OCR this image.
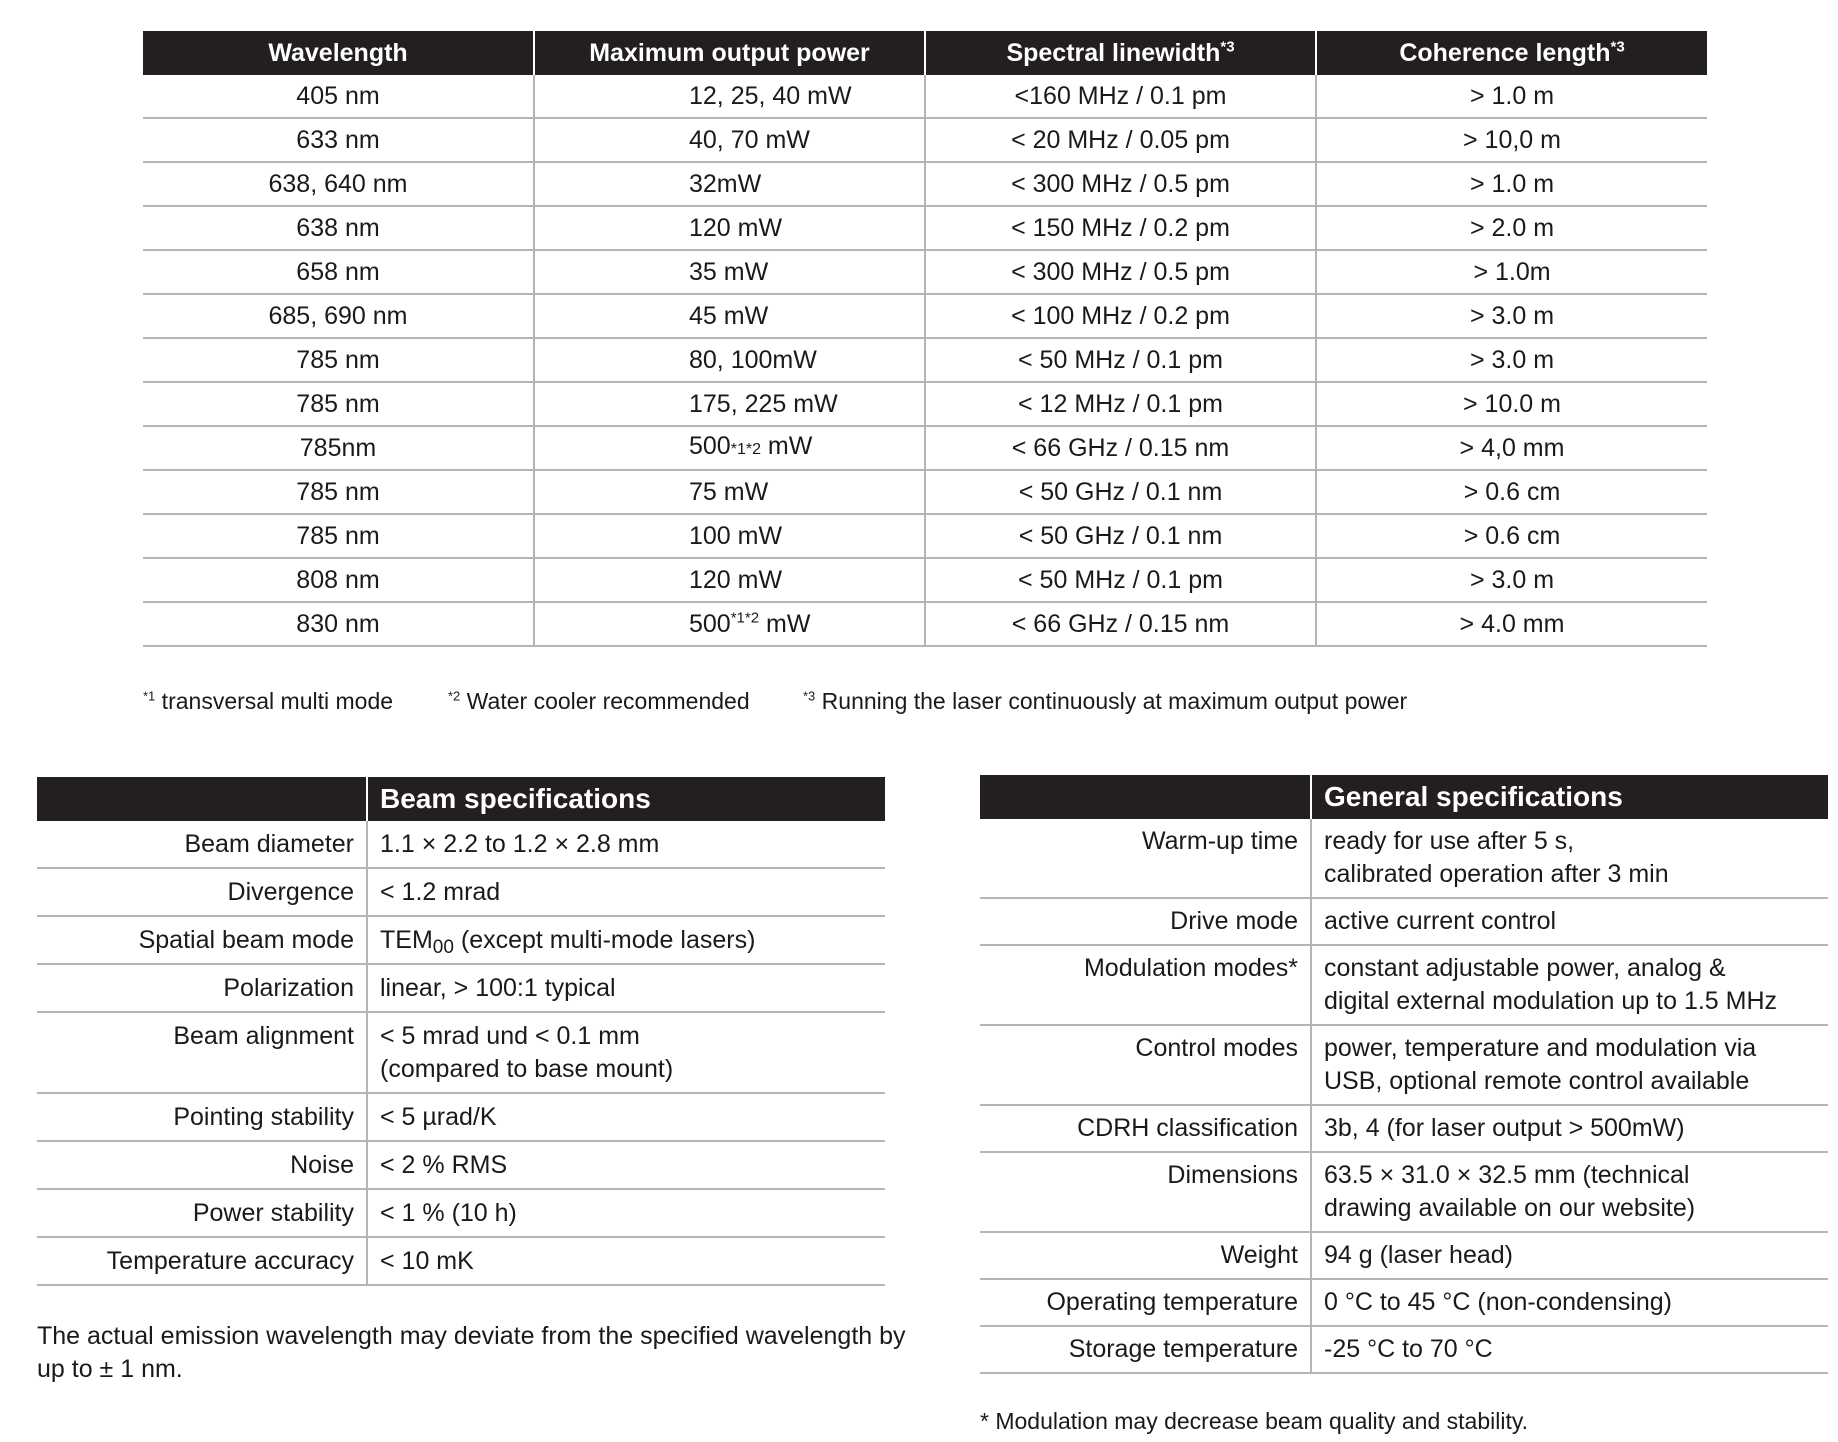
Wavelength	Maximum output power	Spectral linewidth$^{*3}$	Coherence length$^{*3}$
405 nm	12, 25, 40 mW	<160 MHz / 0.1 pm	> 1.0 m
633 nm	40, 70 mW	< 20 MHz / 0.05 pm	> 10,0 m
638, 640 nm	32mW	< 300 MHz / 0.5 pm	> 1.0 m
638 nm	120 mW	< 150 MHz / 0.2 pm	> 2.0 m
658 nm	35 mW	< 300 MHz / 0.5 pm	> 1.0m
685, 690 nm	45 mW	< 100 MHz / 0.2 pm	> 3.0 m
785 nm	80, 100mW	< 50 MHz / 0.1 pm	> 3.0 m
785 nm	175, 225 mW	< 12 MHz / 0.1 pm	> 10.0 m
785nm	500*1*2 mW	< 66 GHz / 0.15 nm	> 4,0 mm
785 nm	75 mW	< 50 GHz / 0.1 nm	> 0.6 cm
785 nm	100 mW	< 50 GHz / 0.1 nm	> 0.6 cm
808 nm	120 mW	< 50 MHz / 0.1 pm	> 3.0 m
830 nm	$500^{*1*2}$ mW	< 66 GHz / 0.15 nm	> 4.0 mm
$^{*1}$ transversal multi mode	$^{*2}$ Water cooler recommended	$^{*3}$ Running the laser continuously at maximum output power
	Beam specifications
Beam diameter	1.1 × 2.2 to 1.2 × 2.8 mm
Divergence	< 1.2 mrad
Spatial beam mode	$TEM_{00}$ (except multi-mode lasers)
Polarization	linear, > 100:1 typical
Beam alignment	< 5 mrad und < 0.1 mm
(compared to base mount)

Pointing stability	< 5 µrad/K
Noise	< 2 % RMS
Power stability	< 1 % (10 h)
Temperature accuracy	< 10 mK
The actual emission wavelength may deviate from the specified wavelength by up to ± 1 nm.
	General specifications
Warm-up time	ready for use after 5 s,
calibrated operation after 3 min

Drive mode	active current control
Modulation modes*	constant adjustable power, analog &
digital external modulation up to 1.5 MHz

Control modes	power, temperature and modulation via
USB, optional remote control available

CDRH classification	3b, 4 (for laser output > 500mW)
Dimensions	63.5 × 31.0 × 32.5 mm (technical
drawing available on our website)

Weight	94 g (laser head)
Operating temperature	0 °C to 45 °C (non-condensing)
Storage temperature	-25 °C to 70 °C
* Modulation may decrease beam quality and stability.
